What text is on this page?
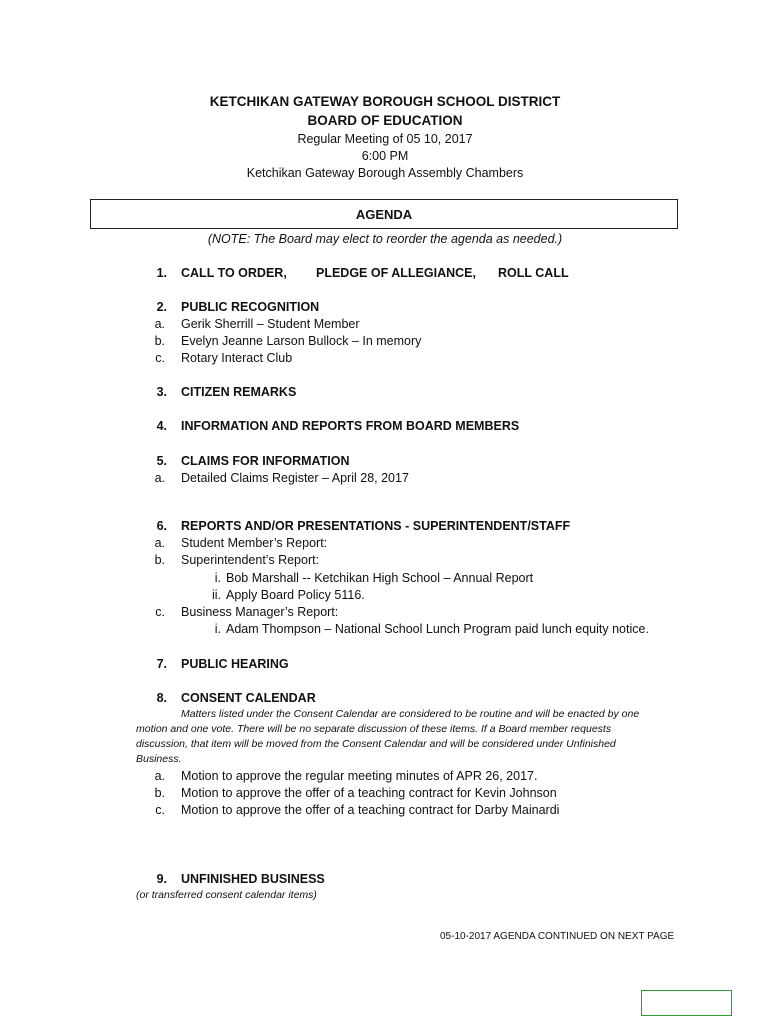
KETCHIKAN GATEWAY BOROUGH SCHOOL DISTRICT
BOARD OF EDUCATION
Regular Meeting of 05 10, 2017
6:00 PM
Ketchikan Gateway Borough Assembly Chambers
AGENDA
(NOTE: The Board may elect to reorder the agenda as needed.)
1. CALL TO ORDER, PLEDGE OF ALLEGIANCE, ROLL CALL
2. PUBLIC RECOGNITION
a. Gerik Sherrill – Student Member
b. Evelyn Jeanne Larson Bullock – In memory
c. Rotary Interact Club
3. CITIZEN REMARKS
4. INFORMATION AND REPORTS FROM BOARD MEMBERS
5. CLAIMS FOR INFORMATION
a. Detailed Claims Register – April 28, 2017
6. REPORTS AND/OR PRESENTATIONS - SUPERINTENDENT/STAFF
a. Student Member’s Report:
b. Superintendent’s Report:
i. Bob Marshall -- Ketchikan High School – Annual Report
ii. Apply Board Policy 5116.
c. Business Manager’s Report:
i. Adam Thompson – National School Lunch Program paid lunch equity notice.
7. PUBLIC HEARING
8. CONSENT CALENDAR
Matters listed under the Consent Calendar are considered to be routine and will be enacted by one
motion and one vote. There will be no separate discussion of these items. If a Board member requests
discussion, that item will be moved from the Consent Calendar and will be considered under Unfinished
Business.
a. Motion to approve the regular meeting minutes of APR 26, 2017.
b. Motion to approve the offer of a teaching contract for Kevin Johnson
c. Motion to approve the offer of a teaching contract for Darby Mainardi
9. UNFINISHED BUSINESS
(or transferred consent calendar items)
05-10-2017 AGENDA CONTINUED ON NEXT PAGE
